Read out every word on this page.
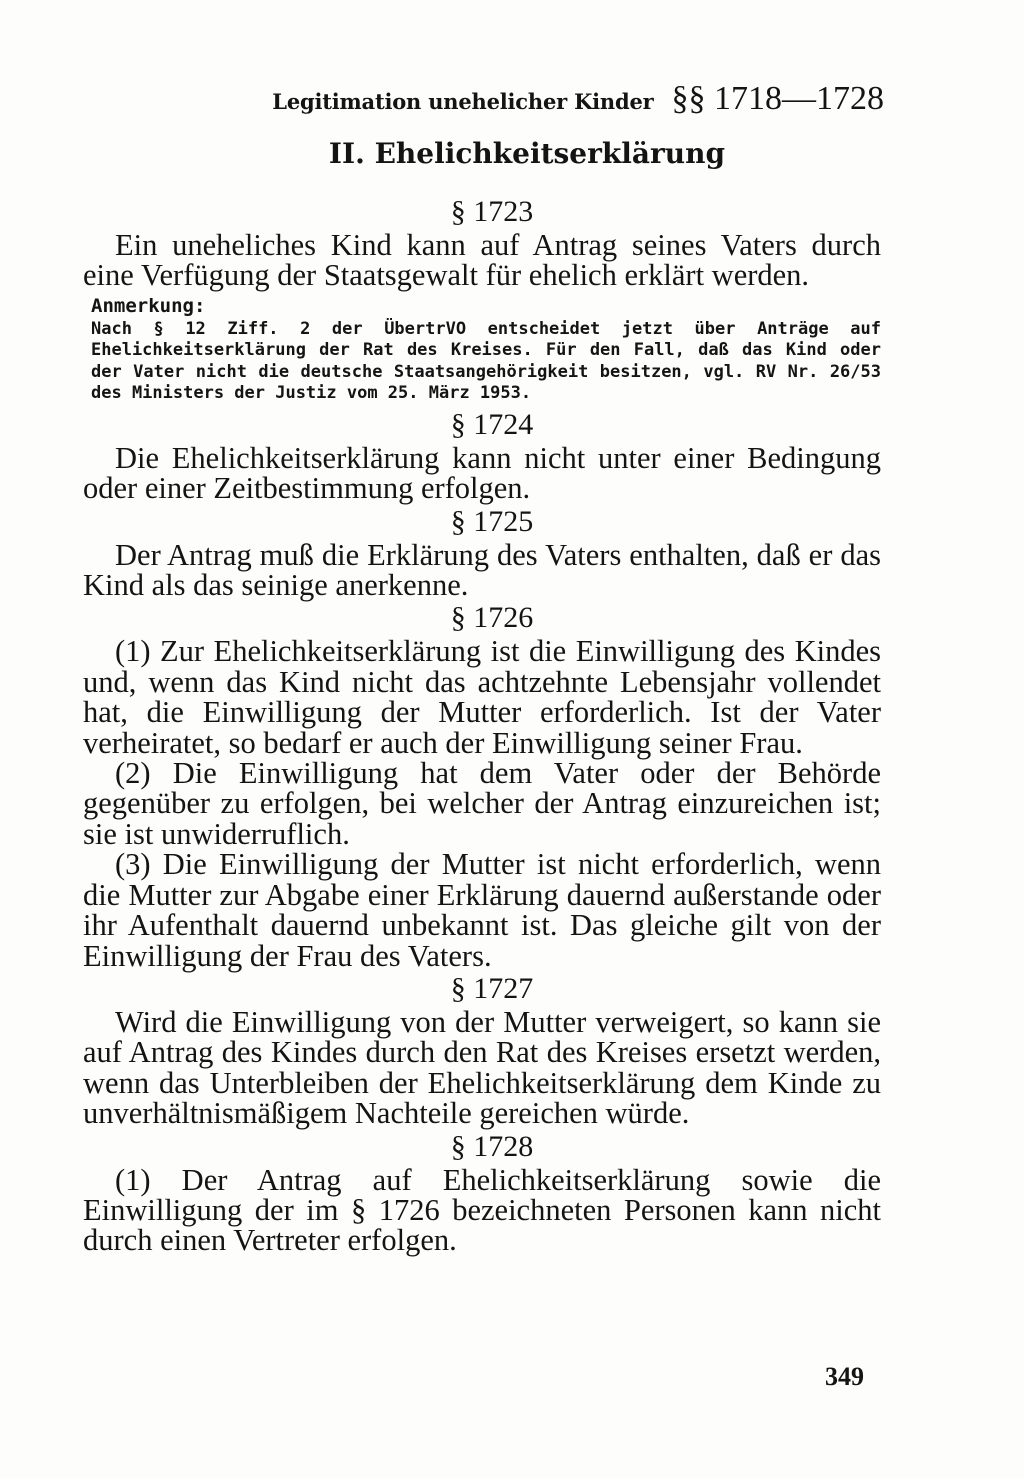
Legitimation unehelicher Kinder §§ 1718—1728
II. Ehelichkeitserklärung
§ 1723

Ein uneheliches Kind kann auf Antrag seines Vaters durch eine Verfügung der Staatsgewalt für ehelich erklärt werden.

Anmerkung:

Nach § 12 Ziff. 2 der ÜbertrVO entscheidet jetzt über Anträge auf Ehelichkeitserklärung der Rat des Kreises. Für den Fall, daß das Kind oder der Vater nicht die deutsche Staatsangehörigkeit besitzen, vgl. RV Nr. 26/53 des Ministers der Justiz vom 25. März 1953.

§ 1724

Die Ehelichkeitserklärung kann nicht unter einer Bedingung oder einer Zeitbestimmung erfolgen.

§ 1725

Der Antrag muß die Erklärung des Vaters enthalten, daß er das Kind als das seinige anerkenne.

§ 1726

(1) Zur Ehelichkeitserklärung ist die Einwilligung des Kindes und, wenn das Kind nicht das achtzehnte Lebensjahr vollendet hat, die Einwilligung der Mutter erforderlich. Ist der Vater verheiratet, so bedarf er auch der Einwilligung seiner Frau.

(2) Die Einwilligung hat dem Vater oder der Behörde gegenüber zu erfolgen, bei welcher der Antrag einzureichen ist; sie ist unwiderruflich.

(3) Die Einwilligung der Mutter ist nicht erforderlich, wenn die Mutter zur Abgabe einer Erklärung dauernd außerstande oder ihr Aufenthalt dauernd unbekannt ist. Das gleiche gilt von der Einwilligung der Frau des Vaters.

§ 1727

Wird die Einwilligung von der Mutter verweigert, so kann sie auf Antrag des Kindes durch den Rat des Kreises ersetzt werden, wenn das Unterbleiben der Ehelichkeitserklärung dem Kinde zu unverhältnismäßigem Nachteile gereichen würde.

§ 1728

(1) Der Antrag auf Ehelichkeitserklärung sowie die Einwilligung der im § 1726 bezeichneten Personen kann nicht durch einen Vertreter erfolgen.

349
